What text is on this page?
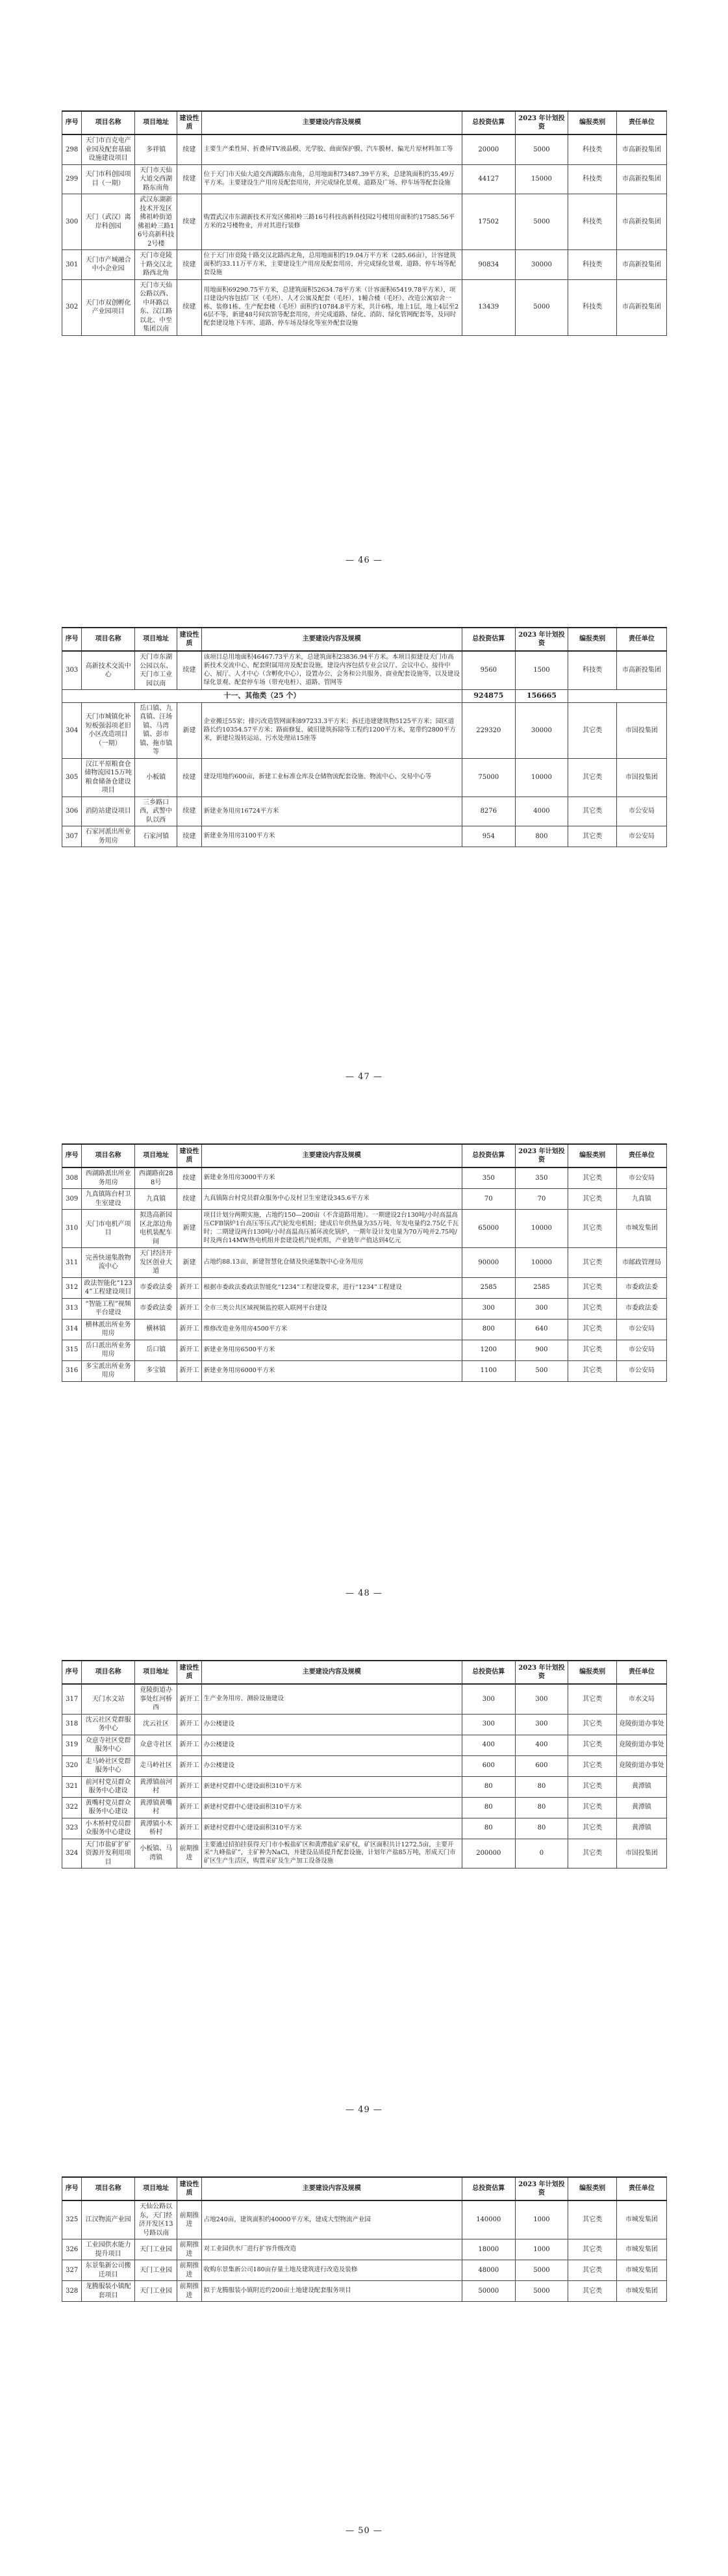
序号	项目名称	项目地址	建设性质	主要建设内容及规模	总投资估算	2023 年计划投资	编报类别	责任单位
298	天门市百克电产业园及配套基础设施建设项目	多祥镇	续建	主要生产柔性屏、折叠屏TV液晶模、光学胶、曲面保护膜、汽车膜材、偏光片原材料加工等	20000	5000	科技类	市高新投集团
299	天门市科创园项目（一期）	天门市天仙大道交西湖路东南角	续建	位于天门市天仙大道交西湖路东南角，总用地面积73487.39平方米，总建筑面积约35.49万平方米。主要建设生产用房及配套用房，并完成绿化景观、道路及广场、停车场等配套设施	44127	15000	科技类	市高新投集团
300	天门（武汉）离岸科创园	武汉东湖新技术开发区佛祖岭街道佛祖岭三路16号高新科技2号楼	续建	购置武汉市东湖新技术开发区佛祖岭三路16号科技高新科技园2号楼用房面积约17585.56平方米的2号楼物业，并对其进行装修	17502	5000	科技类	市高新投集团
301	天门市产城融合中小企业园	天门市竟陵十路交汉北路西北角	续建	位于天门市竟陵十路交汉北路西北角，总用地面积约19.04万平方米（285.66亩），计容建筑面积约33.11万平方米，主要建设生产用房及配套用房，并完成绿化景观、道路、停车场等配套设施	90834	30000	科技类	市高新投集团
302	天门市双创孵化产业园项目	天门市天仙公路以西、中环路以东、汉江路以北、中至集团以南	续建	用地面积69290.75平方米，总建筑面积52634.78平方米（计容面积65419.78平方米），项目建设内容包括厂区（毛坯）、人才公寓及配套（毛坯）、1幢合楼（毛坯）、改造公寓宿舍一栋、装修1栋、生产配套楼（毛坯）面积约10784.8平方米，共计6栋，地上1层，地上4层至26层不等，新建48号间宾馆等配套用房，并完成道路、绿化、消防、绿化管网配套等，及同时配套建设地下车库、道路、停车场及绿化等室外配套设施	13439	5000	科技类	市高新投集团
— 46 —
序号	项目名称	项目地址	建设性质	主要建设内容及规模	总投资估算	2023 年计划投资	编报类别	责任单位
303	高新技术交流中心	天门市东湖公园以东、天门市工业园以南	续建	该项目总用地面积46467.73平方米，总建筑面积23836.94平方米。本项目拟建设天门市高新技术交流中心、配套附属用房及配套设施，建设内容包括专业会议厅、会议中心、接待中心、展厅、人才中心（含孵化中心），设置办公、会务和公共服务、商业配套设施等，以及建设绿化景观、配套停车场（带充电桩）、道路、管网等	9560	1500	科技类	市高新投集团
十一、其他类（25 个）					924875	156665		
304	天门市城镇化补短板强弱项老旧小区改造项目（一期）	岳口镇、九真镇、汪场镇、马湾镇、彭市镇、拖市镇等	新建	企业搬迁55家；排污改造管网面积897233.3平方米；拆迁违建建筑物5125平方米；园区道路长约10354.57平方米；路面修复、破旧建筑拆除等工程约1200平方米，宽带约2800平方米，新建垃圾转运站、污水处理站15座等	229320	30000	其它类	市国投集团
305	汉江平原粮食仓储物流园15万吨粮食储备仓建设项目	小板镇	续建	建设用地约600亩，新建工业标准仓库及仓储物流配套设施、物流中心、交易中心等	75000	10000	其它类	市国投集团
306	消防站建设项目	三乡路口西，武警中队以西	续建	新建业务用房16724平方米	8276	4000	其它类	市公安局
307	石家河派出所业务用房	石家河镇	续建	新建业务用房3100平方米	954	800	其它类	市公安局
— 47 —
序号	项目名称	项目地址	建设性质	主要建设内容及规模	总投资估算	2023 年计划投资	编报类别	责任单位
308	西湖路派出所业务用房	西湖路南288号	续建	新建业务用房3000平方米	350	350	其它类	市公安局
309	九真镇陈台村卫生室建设	九真镇	续建	九真镇陈台村党员群众服务中心及村卫生室建设345.6平方米	70	70	其它类	九真镇
310	天门市电机产项目	拟选高新园区北部边角电机装配车间	新建	项目计划分两期实施，占地约150—200亩（不含道路用地）。一期建设2台130吨/小时高温高压CFB锅炉1台高压等压式汽轮发电机组；建成后年供热量为35万吨、年发电量约2.75亿千瓦时；二期建设两台130吨/小时高温高压循环流化锅炉，一期年设计发电量为70万吨并2.75吨/时及两台14MW热电机组并套建设机汽轮机组，产业链年产值达到4亿元	65000	10000	其它类	市城发集团
311	完善快递集散物流中心	天门经济开发区创业大道	新建	占地约88.13亩，新建智慧化仓储及快递集散中心业务用房	90000	10000	其它类	市邮政管理局
312	政法智能化“1234”工程建设项目	市委政法委	新开工	根据市委政法委政法智能化“1234”工程建设要求，进行“1234”工程建设	2585	2585	其它类	市委政法委
313	“智能工程”视频平台建设	市委政法委	新开工	全市三类公共区域视频监控联入联网平台建设	300	300	其它类	市委政法委
314	横林派出所业务用房	横林镇	新开工	维修改造业务用房4500平方米	800	640	其它类	市公安局
315	岳口派出所业务用房	岳口镇	新开工	新建业务用房6500平方米	1200	900	其它类	市公安局
316	多宝派出所业务用房	多宝镇	新开工	新建业务用房6000平方米	1100	500	其它类	市公安局
— 48 —
序号	项目名称	项目地址	建设性质	主要建设内容及规模	总投资估算	2023 年计划投资	编报类别	责任单位
317	天门水文站	竟陵街道办事处红河桥西	新开工	生产业务用房、测验设施建设	300	300	其它类	市水文局
318	沈云社区党群服务中心	沈云社区	新开工	办公楼建设	300	300	其它类	竟陵街道办事处
319	众意寺社区党群服务中心	众意寺社区	新开工	办公楼建设	400	400	其它类	竟陵街道办事处
320	走马岭社区党群服务中心	走马岭社区	新开工	办公楼建设	600	600	其它类	竟陵街道办事处
321	前河村党员群众服务中心建设	黄潭镇前河村	新开工	新建村党群中心建设面积310平方米	80	80	其它类	黄潭镇
322	黄嘴村党员群众服务中心建设	黄潭镇黄嘴村	新开工	新建村党群中心建设面积310平方米	80	80	其它类	黄潭镇
323	小木桥村党员群众服务中心建设	黄潭镇小木桥村	新开工	新建村党群中心建设面积310平方米	80	80	其它类	黄潭镇
324	天门市盐矿扩矿资源开发利用项目	小板镇、马湾镇	前期推进	主要通过招拍挂获得天门市小板盐矿区和黄潭盐矿采矿权，矿区面积共计1272.5亩，主要开采“九峰盐矿”，主矿种为NaCl，并建设品质提升配套设施，计划年产盐85万吨，形成天门市矿区生产生活区，购置采矿及生产加工设备设施	200000	0	其它类	市国投集团
— 49 —
序号	项目名称	项目地址	建设性质	主要建设内容及规模	总投资估算	2023 年计划投资	编报类别	责任单位
325	江汉物流产业园	天仙公路以东，天门经济开发区13号路以南	前期推进	占地240亩，建筑面积约40000平方米，建成大型物流产业园	140000	1000	其它类	市城发集团
326	工业园供水能力提升项目	天门工业园	前期推进	对工业园供水厂进行扩容升级改造	18000	1000	其它类	市城发集团
327	东景集新公司搬迁项目	天门工业园	前期推进	收购东景集新公司180亩存量土地及建筑进行改造及装修	48000	5000	其它类	市城发集团
328	龙腾服装小镇配套项目	天门工业园	前期推进	拟于龙腾服装小镇附近约200亩土地建设配套服务项目	50000	5000	其它类	市城发集团
— 50 —
